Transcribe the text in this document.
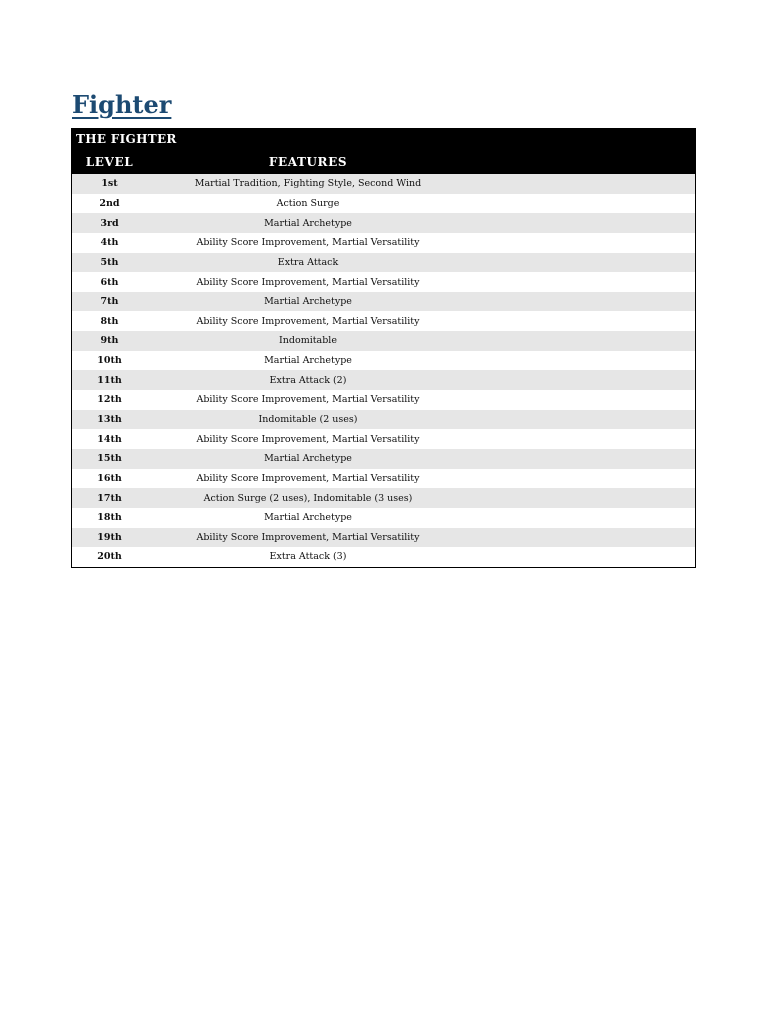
Fighter
THE FIGHTER
LEVEL	FEATURES
1st	Martial Tradition, Fighting Style, Second Wind
2nd	Action Surge
3rd	Martial Archetype
4th	Ability Score Improvement, Martial Versatility
5th	Extra Attack
6th	Ability Score Improvement, Martial Versatility
7th	Martial Archetype
8th	Ability Score Improvement, Martial Versatility
9th	Indomitable
10th	Martial Archetype
11th	Extra Attack (2)
12th	Ability Score Improvement, Martial Versatility
13th	Indomitable (2 uses)
14th	Ability Score Improvement, Martial Versatility
15th	Martial Archetype
16th	Ability Score Improvement, Martial Versatility
17th	Action Surge (2 uses), Indomitable (3 uses)
18th	Martial Archetype
19th	Ability Score Improvement, Martial Versatility
20th	Extra Attack (3)
